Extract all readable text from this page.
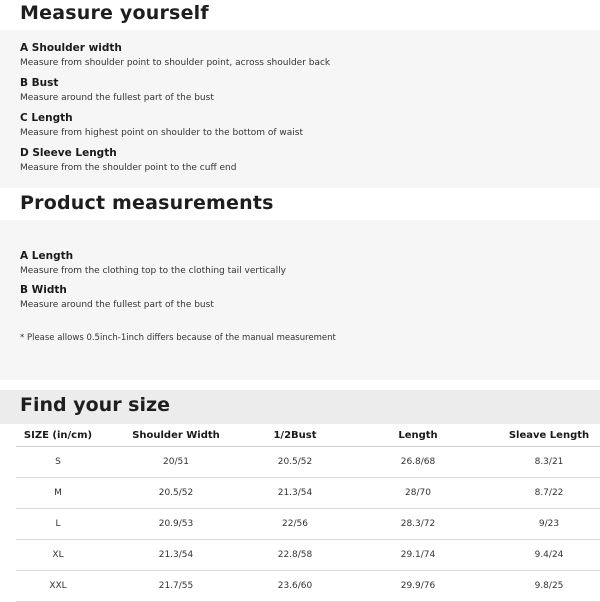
Measure yourself
A Shoulder width
Measure from shoulder point to shoulder point, across shoulder back
B Bust
Measure around the fullest part of the bust
C Length
Measure from highest point on shoulder to the bottom of waist
D Sleeve Length
Measure from the shoulder point to the cuff end
Product measurements
A Length
Measure from the clothing top to the clothing tail vertically
B Width
Measure around the fullest part of the bust
* Please allows 0.5inch-1inch differs because of the manual measurement
Find your size
SIZE (in/cm)	Shoulder Width	1/2Bust	Length	Sleave Length
S	20/51	20.5/52	26.8/68	8.3/21
M	20.5/52	21.3/54	28/70	8.7/22
L	20.9/53	22/56	28.3/72	9/23
XL	21.3/54	22.8/58	29.1/74	9.4/24
XXL	21.7/55	23.6/60	29.9/76	9.8/25
